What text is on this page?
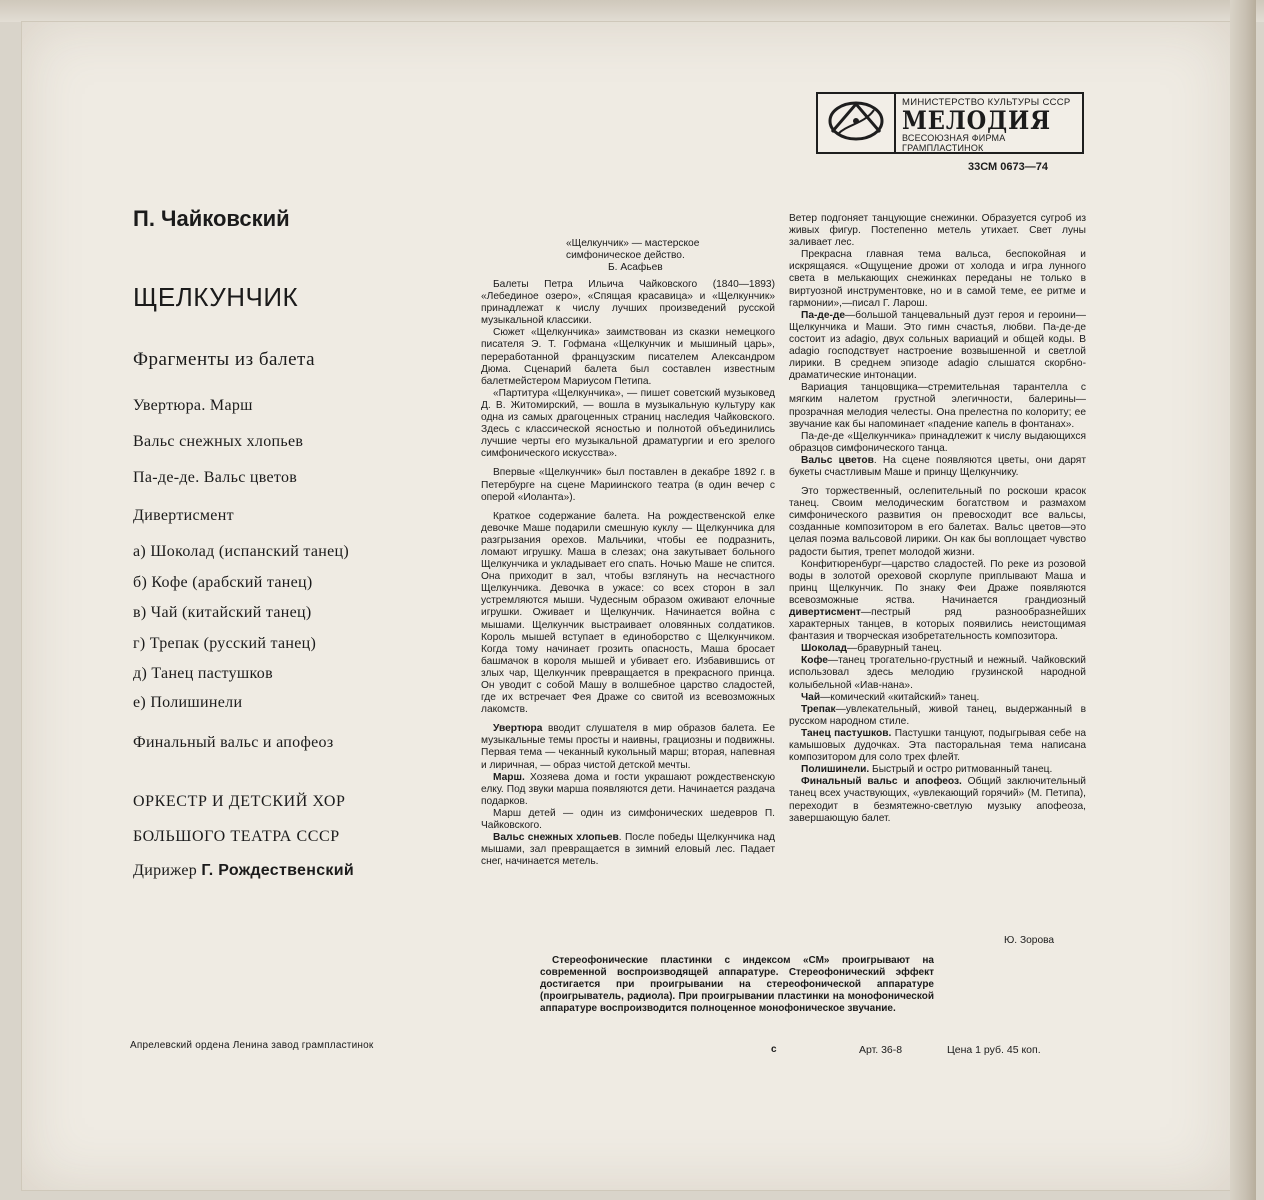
МИНИСТЕРСТВО КУЛЬТУРЫ СССР
МЕЛОДИЯ
ВСЕСОЮЗНАЯ ФИРМА ГРАМПЛАСТИНОК
33СМ 0673—74
П. Чайковский
ЩЕЛКУНЧИК
Фрагменты из балета
Увертюра. Марш
Вальс снежных хлопьев
Па-де-де. Вальс цветов
Дивертисмент
а) Шоколад (испанский танец)
б) Кофе (арабский танец)
в) Чай (китайский танец)
г) Трепак (русский танец)
д) Танец пастушков
е) Полишинели
Финальный вальс и апофеоз
ОРКЕСТР И ДЕТСКИЙ ХОР
БОЛЬШОГО ТЕАТРА СССР
Дирижер Г. Рождественский
Апрелевский ордена Ленина завод грампластинок
«Щелкунчик» — мастерское
симфоническое действо.
Б. Асафьев

Балеты Петра Ильича Чайковского (1840—1893) «Лебединое озеро», «Спящая красавица» и «Щелкунчик» принадлежат к числу лучших произведений русской музыкальной классики.

Сюжет «Щелкунчика» заимствован из сказки немецкого писателя Э. Т. Гофмана «Щелкунчик и мышиный царь», переработанной французским писателем Александром Дюма. Сценарий балета был составлен известным балетмейстером Мариусом Петипа.

«Партитура «Щелкунчика», — пишет советский музыковед Д. В. Житомирский, — вошла в музыкальную культуру как одна из самых драгоценных страниц наследия Чайковского. Здесь с классической ясностью и полнотой объединились лучшие черты его музыкальной драматургии и его зрелого симфонического искусства».

Впервые «Щелкунчик» был поставлен в декабре 1892 г. в Петербурге на сцене Мариинского театра (в один вечер с оперой «Иоланта»).

Краткое содержание балета. На рождественской елке девочке Маше подарили смешную куклу — Щелкунчика для разгрызания орехов. Мальчики, чтобы ее подразнить, ломают игрушку. Маша в слезах; она закутывает больного Щелкунчика и укладывает его спать. Ночью Маше не спится. Она приходит в зал, чтобы взглянуть на несчастного Щелкунчика. Девочка в ужасе: со всех сторон в зал устремляются мыши. Чудесным образом оживают елочные игрушки. Оживает и Щелкунчик. Начинается война с мышами. Щелкунчик выстраивает оловянных солдатиков. Король мышей вступает в единоборство с Щелкунчиком. Когда тому начинает грозить опасность, Маша бросает башмачок в короля мышей и убивает его. Избавившись от злых чар, Щелкунчик превращается в прекрасного принца. Он уводит с собой Машу в волшебное царство сладостей, где их встречает Фея Драже со свитой из всевозможных лакомств.

Увертюра вводит слушателя в мир образов балета. Ее музыкальные темы просты и наивны, грациозны и подвижны. Первая тема — чеканный кукольный марш; вторая, напевная и лиричная, — образ чистой детской мечты.

Марш. Хозяева дома и гости украшают рождественскую елку. Под звуки марша появляются дети. Начинается раздача подарков.

Марш детей — один из симфонических шедевров П. Чайковского.

Вальс снежных хлопьев. После победы Щелкунчика над мышами, зал превращается в зимний еловый лес. Падает снег, начинается метель.

Ветер подгоняет танцующие снежинки. Образуется сугроб из живых фигур. Постепенно метель утихает. Свет луны заливает лес.

Прекрасна главная тема вальса, беспокойная и искрящаяся. «Ощущение дрожи от холода и игра лунного света в мелькающих снежинках переданы не только в виртуозной инструментовке, но и в самой теме, ее ритме и гармонии»,—писал Г. Ларош.

Па-де-де—большой танцевальный дуэт героя и героини—Щелкунчика и Маши. Это гимн счастья, любви. Па-де-де состоит из adagio, двух сольных вариаций и общей коды. В adagio господствует настроение возвышенной и светлой лирики. В среднем эпизоде adagio слышатся скорбно-драматические интонации.

Вариация танцовщика—стремительная тарантелла с мягким налетом грустной элегичности, балерины—прозрачная мелодия челесты. Она прелестна по колориту; ее звучание как бы напоминает «падение капель в фонтанах».

Па-де-де «Щелкунчика» принадлежит к числу выдающихся образцов симфонического танца.

Вальс цветов. На сцене появляются цветы, они дарят букеты счастливым Маше и принцу Щелкунчику.

Это торжественный, ослепительный по роскоши красок танец. Своим мелодическим богатством и размахом симфонического развития он превосходит все вальсы, созданные композитором в его балетах. Вальс цветов—это целая поэма вальсовой лирики. Он как бы воплощает чувство радости бытия, трепет молодой жизни.

Конфитюренбург—царство сладостей. По реке из розовой воды в золотой ореховой скорлупе приплывают Маша и принц Щелкунчик. По знаку Феи Драже появляются всевозможные яства. Начинается грандиозный дивертисмент—пестрый ряд разнообразнейших характерных танцев, в которых появились неистощимая фантазия и творческая изобретательность композитора.

Шоколад—бравурный танец.

Кофе—танец трогательно-грустный и нежный. Чайковский использовал здесь мелодию грузинской народной колыбельной «Иав-нана».

Чай—комический «китайский» танец.

Трепак—увлекательный, живой танец, выдержанный в русском народном стиле.

Танец пастушков. Пастушки танцуют, подыгрывая себе на камышовых дудочках. Эта пасторальная тема написана композитором для соло трех флейт.

Полишинели. Быстрый и остро ритмованный танец.

Финальный вальс и апофеоз. Общий заключительный танец всех участвующих, «увлекающий горячий» (М. Петипа), переходит в безмятежно-светлую музыку апофеоза, завершающую балет.

Ю. Зорова

Стереофонические пластинки с индексом «СМ» проигрывают на современной воспроизводящей аппаратуре. Стереофонический эффект достигается при проигрывании на стереофонической аппаратуре (проигрыватель, радиола). При проигрывании пластинки на монофонической аппаратуре воспроизводится полноценное монофоническое звучание.

с	Арт. 36-8	Цена 1 руб. 45 коп.
